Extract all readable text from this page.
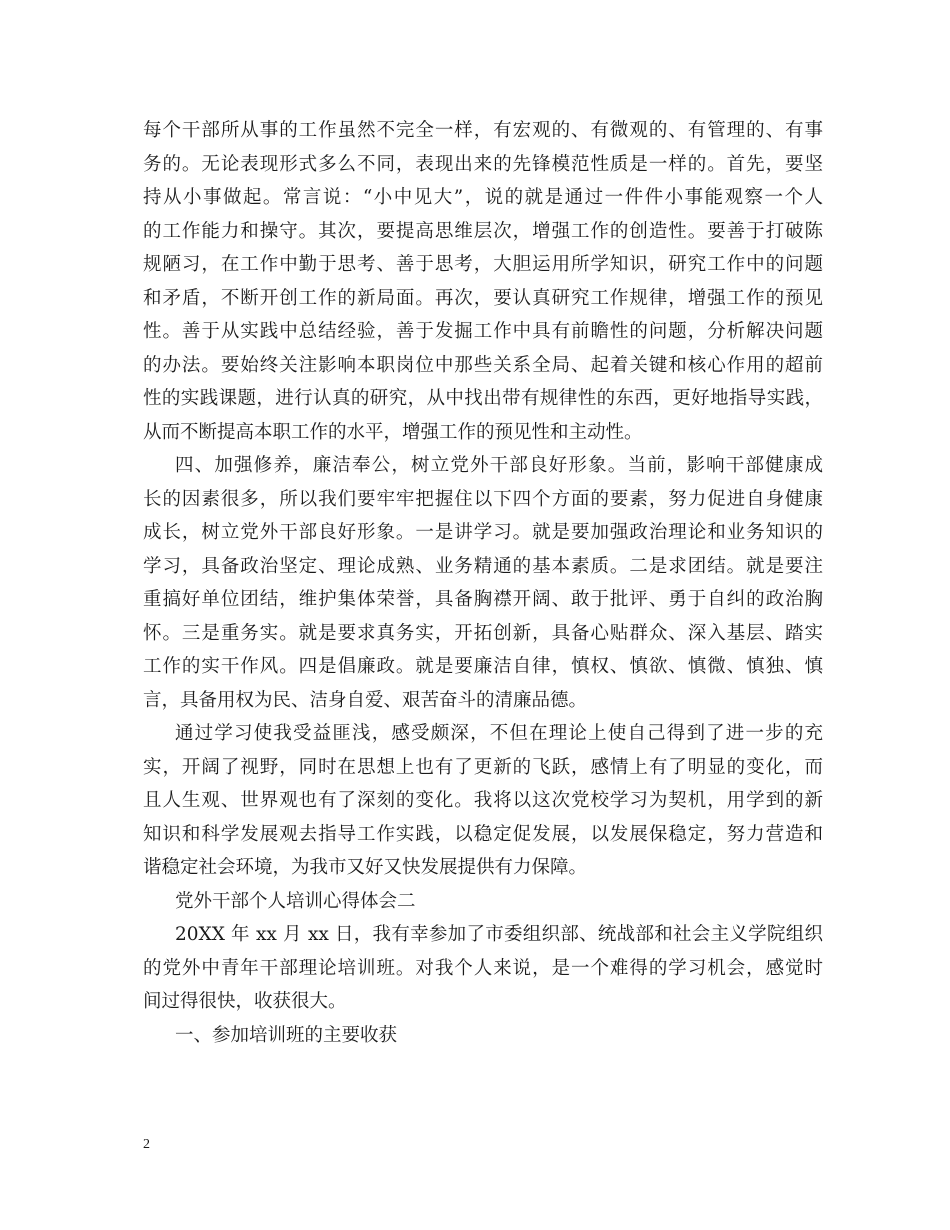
每个干部所从事的工作虽然不完全一样，有宏观的、有微观的、有管理的、有事
务的。无论表现形式多么不同，表现出来的先锋模范性质是一样的。首先，要坚
持从小事做起。常言说：“小中见大”，说的就是通过一件件小事能观察一个人
的工作能力和操守。其次，要提高思维层次，增强工作的创造性。要善于打破陈
规陋习，在工作中勤于思考、善于思考，大胆运用所学知识，研究工作中的问题
和矛盾，不断开创工作的新局面。再次，要认真研究工作规律，增强工作的预见
性。善于从实践中总结经验，善于发掘工作中具有前瞻性的问题，分析解决问题
的办法。要始终关注影响本职岗位中那些关系全局、起着关键和核心作用的超前
性的实践课题，进行认真的研究，从中找出带有规律性的东西，更好地指导实践，
从而不断提高本职工作的水平，增强工作的预见性和主动性。
四、加强修养，廉洁奉公，树立党外干部良好形象。当前，影响干部健康成
长的因素很多，所以我们要牢牢把握住以下四个方面的要素，努力促进自身健康
成长，树立党外干部良好形象。一是讲学习。就是要加强政治理论和业务知识的
学习，具备政治坚定、理论成熟、业务精通的基本素质。二是求团结。就是要注
重搞好单位团结，维护集体荣誉，具备胸襟开阔、敢于批评、勇于自纠的政治胸
怀。三是重务实。就是要求真务实，开拓创新，具备心贴群众、深入基层、踏实
工作的实干作风。四是倡廉政。就是要廉洁自律，慎权、慎欲、慎微、慎独、慎
言，具备用权为民、洁身自爱、艰苦奋斗的清廉品德。
通过学习使我受益匪浅，感受颇深，不但在理论上使自己得到了进一步的充
实，开阔了视野，同时在思想上也有了更新的飞跃，感情上有了明显的变化，而
且人生观、世界观也有了深刻的变化。我将以这次党校学习为契机，用学到的新
知识和科学发展观去指导工作实践，以稳定促发展，以发展保稳定，努力营造和
谐稳定社会环境，为我市又好又快发展提供有力保障。
党外干部个人培训心得体会二
20XX 年 xx 月 xx 日，我有幸参加了市委组织部、统战部和社会主义学院组织
的党外中青年干部理论培训班。对我个人来说，是一个难得的学习机会，感觉时
间过得很快，收获很大。
一、参加培训班的主要收获
2
